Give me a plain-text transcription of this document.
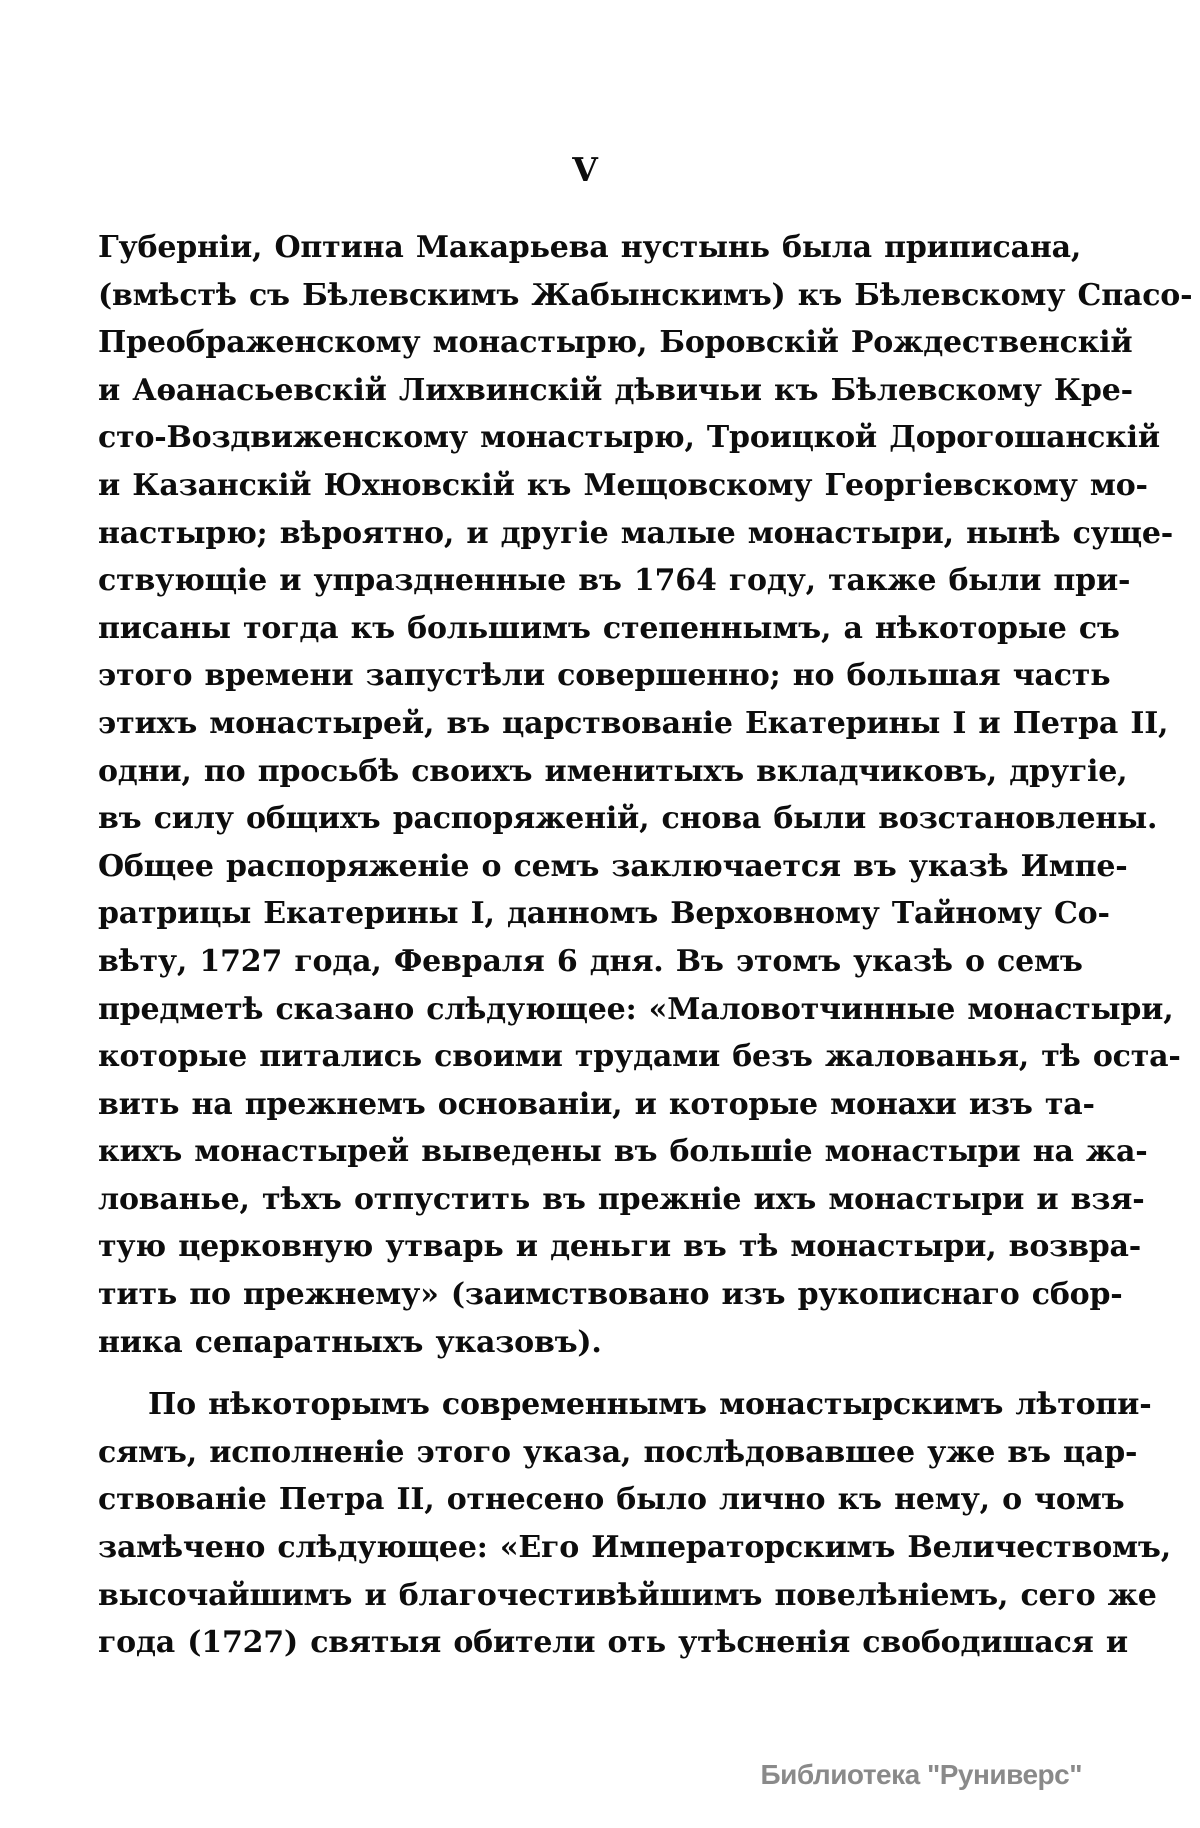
V
Губерніи, Оптина Макарьева нустынь была приписана,
(вмѣстѣ съ Бѣлевскимъ Жабынскимъ) къ Бѣлевскому Спасо-
Преображенскому монастырю, Боровскій Рождественскій
и Аѳанасьевскій Лихвинскій дѣвичьи къ Бѣлевскому Кре-
сто-Воздвиженскому монастырю, Троицкой Дорогошанскій
и Казанскій Юхновскій къ Мещовскому Георгіевскому мо-
настырю; вѣроятно, и другіе малые монастыри, нынѣ суще-
ствующіе и упраздненные въ 1764 году, также были при-
писаны тогда къ большимъ степеннымъ, а нѣкоторые съ
этого времени запустѣли совершенно; но большая часть
этихъ монастырей, въ царствованіе Екатерины I и Петра II,
одни, по просьбѣ своихъ именитыхъ вкладчиковъ, другіе,
въ силу общихъ распоряженій, снова были возстановлены.
Общее распоряженіе о семъ заключается въ указѣ Импе-
ратрицы Екатерины I, данномъ Верховному Тайному Со-
вѣту, 1727 года, Февраля 6 дня. Въ этомъ указѣ о семъ
предметѣ сказано слѣдующее: «Маловотчинные монастыри,
которые питались своими трудами безъ жалованья, тѣ оста-
вить на прежнемъ основаніи, и которые монахи изъ та-
кихъ монастырей выведены въ большіе монастыри на жа-
лованье, тѣхъ отпустить въ прежніе ихъ монастыри и взя-
тую церковную утварь и деньги въ тѣ монастыри, возвра-
тить по прежнему» (заимствовано изъ рукописнаго сбор-
ника сепаратныхъ указовъ).
По нѣкоторымъ современнымъ монастырскимъ лѣтопи-
сямъ, исполненіе этого указа, послѣдовавшее уже въ цар-
ствованіе Петра II, отнесено было лично къ нему, о чомъ
замѣчено слѣдующее: «Его Императорскимъ Величествомъ,
высочайшимъ и благочестивѣйшимъ повелѣніемъ, сего же
года (1727) святыя обители оть утѣсненія свободишася и
Библиотека "Руниверс"
